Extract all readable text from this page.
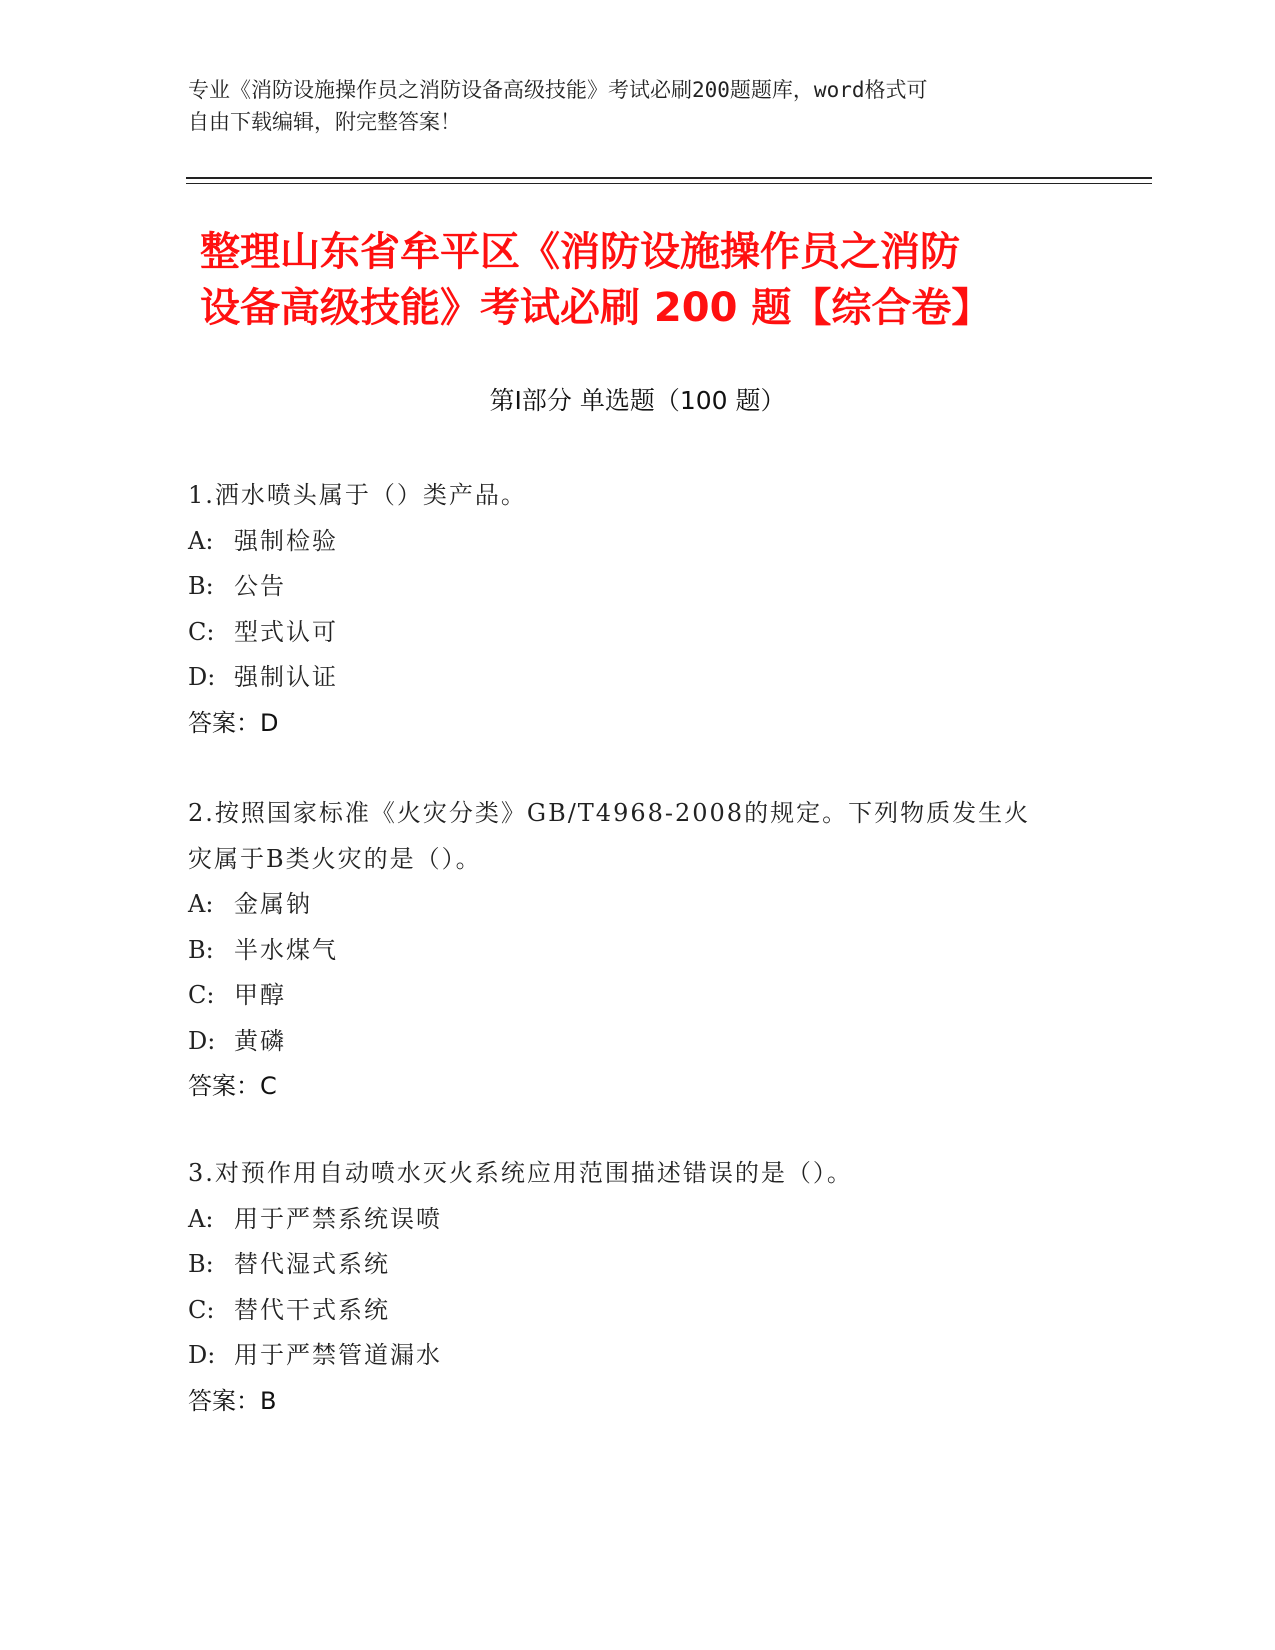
专业《消防设施操作员之消防设备高级技能》考试必刷200题题库，word格式可
自由下载编辑，附完整答案！
整理山东省牟平区《消防设施操作员之消防
设备高级技能》考试必刷 200 题【综合卷】
第Ⅰ部分 单选题（100 题）
1.洒水喷头属于（）类产品。
A: 强制检验
B: 公告
C: 型式认可
D: 强制认证
答案：D
2.按照国家标准《火灾分类》GB/T4968-2008的规定。下列物质发生火
灾属于B类火灾的是（）。
A: 金属钠
B: 半水煤气
C: 甲醇
D: 黄磷
答案：C
3.对预作用自动喷水灭火系统应用范围描述错误的是（）。
A: 用于严禁系统误喷
B: 替代湿式系统
C: 替代干式系统
D: 用于严禁管道漏水
答案：B
